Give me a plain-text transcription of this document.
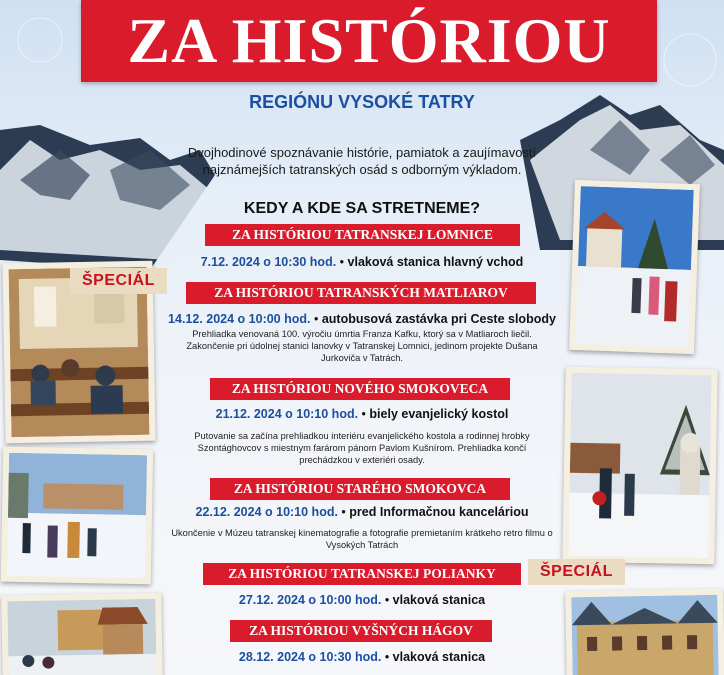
ZA HISTÓRIOU
REGIÓNU VYSOKÉ TATRY
Dvojhodinové spoznávanie histórie, pamiatok a zaujímavostí najznámejších tatranských osád s odborným výkladom.
KEDY A KDE SA STRETNEME?
ZA HISTÓRIOU TATRANSKEJ LOMNICE
7.12. 2024 o 10:30 hod. • vlaková stanica hlavný vchod
ZA HISTÓRIOU TATRANSKÝCH MATLIAROV
14.12. 2024 o 10:00 hod. • autobusová zastávka pri Ceste slobody
Prehliadka venovaná 100. výročiu úmrtia Franza Kafku, ktorý sa v Matliaroch liečil. Zakončenie pri údolnej stanici lanovky v Tatranskej Lomnici, jedinom projekte Dušana Jurkoviča v Tatrách.
ZA HISTÓRIOU NOVÉHO SMOKOVECA
21.12. 2024 o 10:10 hod. • biely evanjelický kostol
Putovanie sa začína prehliadkou interiéru evanjelického kostola a rodinnej hrobky Szontághovcov s miestnym farárom pánom Pavlom Kušnírom. Prehliadka končí prechádzkou v exteriéri osady.
ZA HISTÓRIOU STARÉHO SMOKOVCA
22.12. 2024 o 10:10 hod. • pred Informačnou kanceláriou
Ukončenie v Múzeu tatranskej kinematografie a fotografie premietaním krátkeho retro filmu o Vysokých Tatrách
ZA HISTÓRIOU TATRANSKEJ POLIANKY
27.12. 2024 o 10:00 hod. • vlaková stanica
ZA HISTÓRIOU VYŠNÝCH HÁGOV
28.12. 2024 o 10:30 hod. • vlaková stanica
ŠPECIÁL
ŠPECIÁL
